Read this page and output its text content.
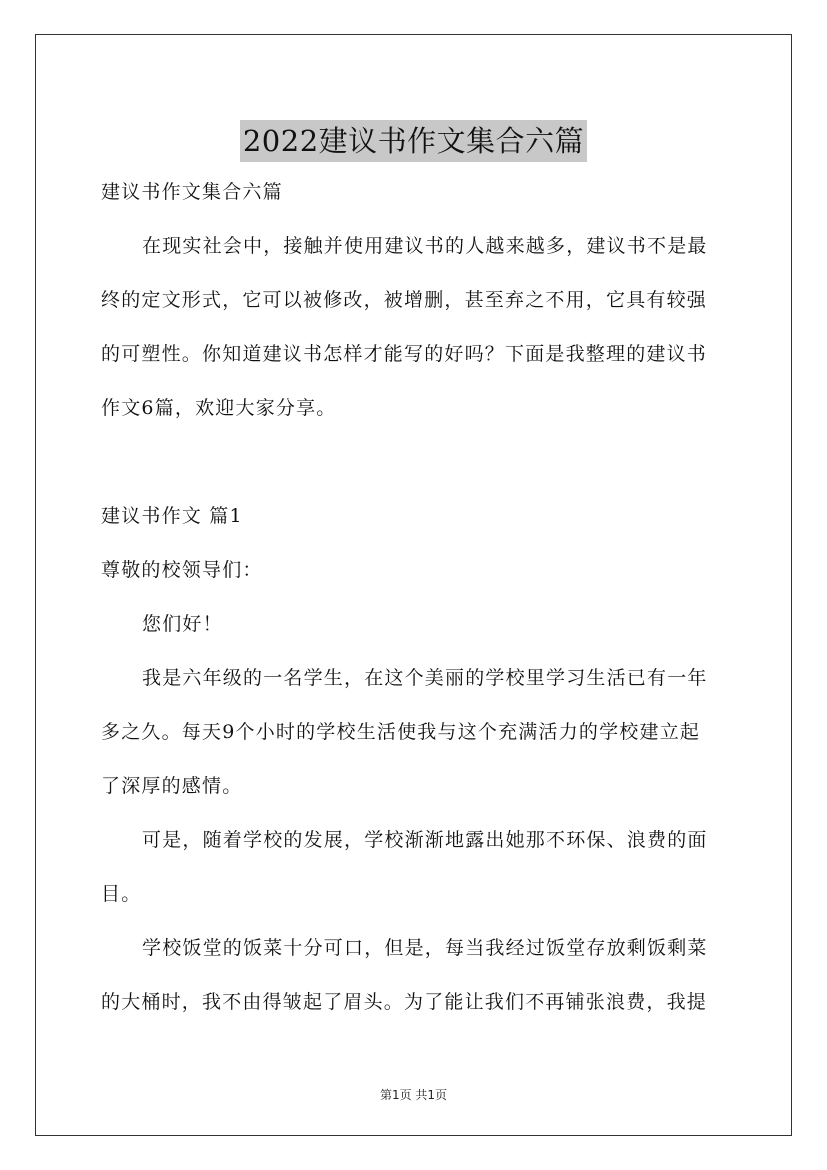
2022建议书作文集合六篇

建议书作文集合六篇

在现实社会中，接触并使用建议书的人越来越多，建议书不是最

终的定文形式，它可以被修改，被增删，甚至弃之不用，它具有较强

的可塑性。你知道建议书怎样才能写的好吗？下面是我整理的建议书

作文6篇，欢迎大家分享。

建议书作文 篇1

尊敬的校领导们：

您们好！

我是六年级的一名学生，在这个美丽的学校里学习生活已有一年

多之久。每天9个小时的学校生活使我与这个充满活力的学校建立起

了深厚的感情。

可是，随着学校的发展，学校渐渐地露出她那不环保、浪费的面

目。

学校饭堂的饭菜十分可口，但是，每当我经过饭堂存放剩饭剩菜

的大桶时，我不由得皱起了眉头。为了能让我们不再铺张浪费，我提

第1页 共1页
